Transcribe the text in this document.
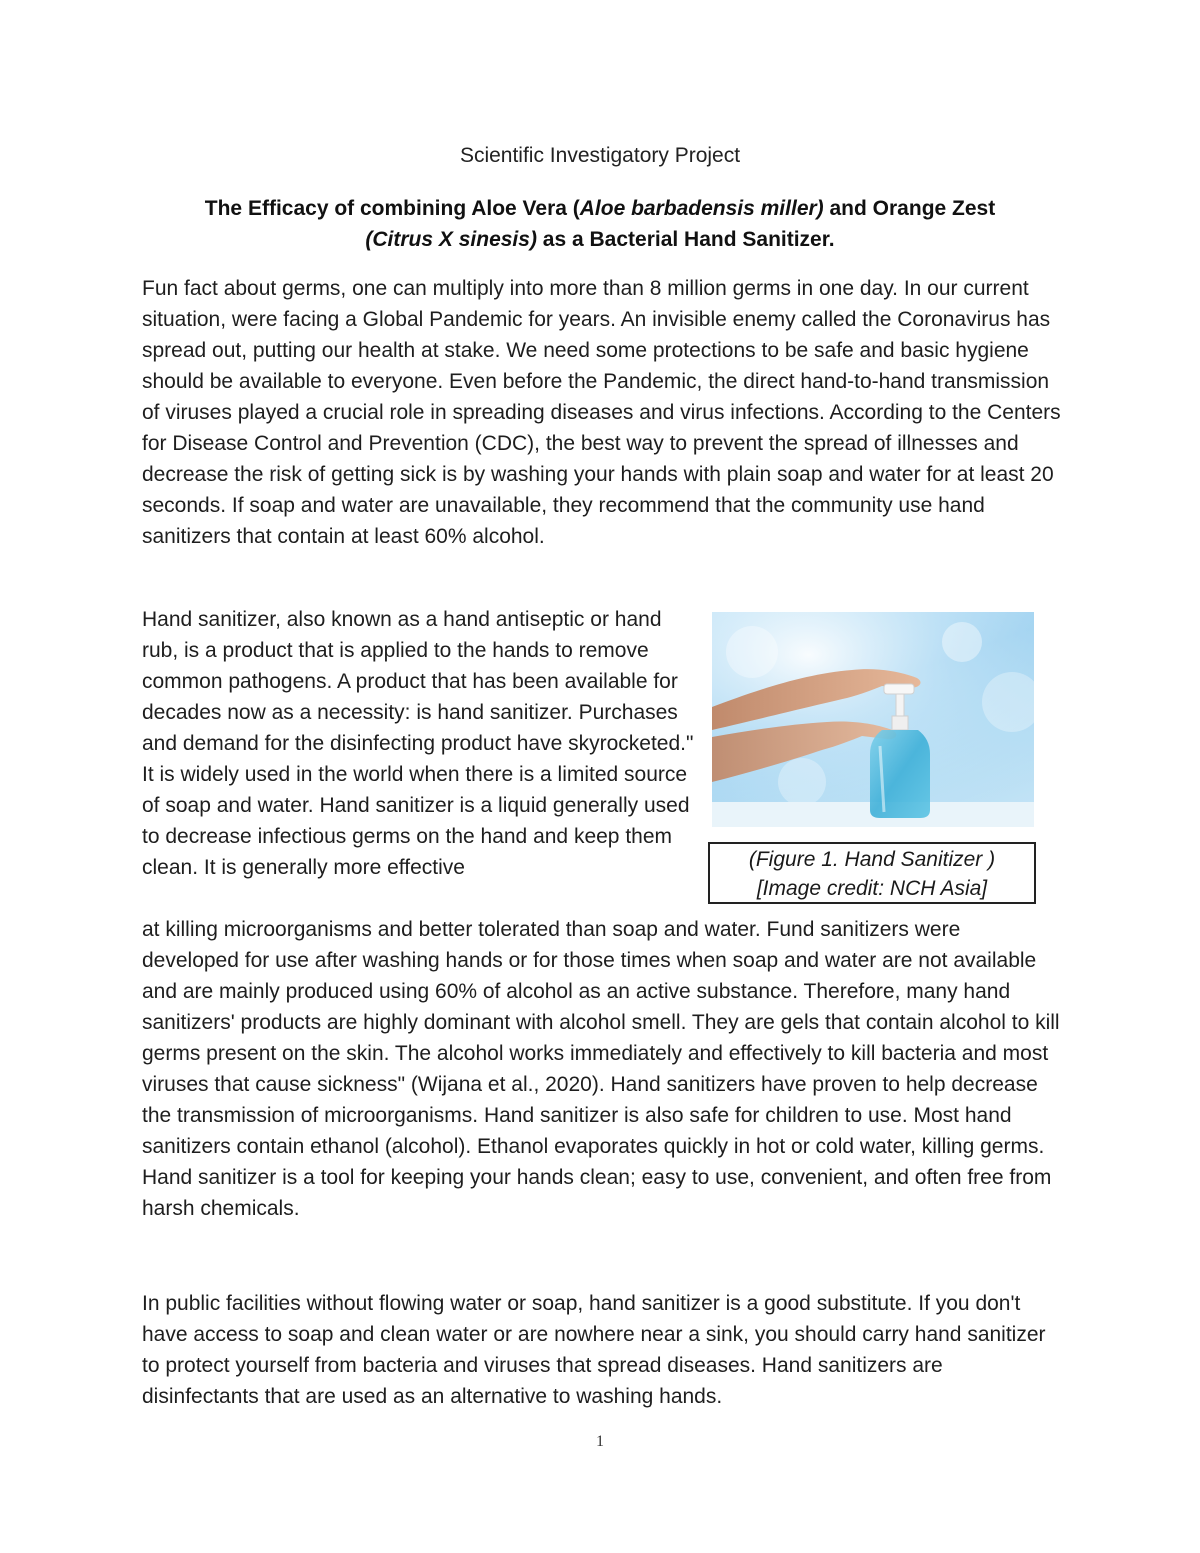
Scientific Investigatory Project
The Efficacy of combining Aloe Vera (Aloe barbadensis miller) and Orange Zest
(Citrus X sinesis) as a Bacterial Hand Sanitizer.

Fun fact about germs, one can multiply into more than 8 million germs in one day. In our current situation, were facing a Global Pandemic for years. An invisible enemy called the Coronavirus has spread out, putting our health at stake. We need some protections to be safe and basic hygiene should be available to everyone. Even before the Pandemic, the direct hand-to-hand transmission of viruses played a crucial role in spreading diseases and virus infections. According to the Centers for Disease Control and Prevention (CDC), the best way to prevent the spread of illnesses and decrease the risk of getting sick is by washing your hands with plain soap and water for at least 20 seconds. If soap and water are unavailable, they recommend that the community use hand sanitizers that contain at least 60% alcohol.

Hand sanitizer, also known as a hand antiseptic or hand rub, is a product that is applied to the hands to remove common pathogens. A product that has been available for decades now as a necessity: is hand sanitizer. Purchases and demand for the disinfecting product have skyrocketed." It is widely used in the world when there is a limited source of soap and water. Hand sanitizer is a liquid generally used to decrease infectious germs on the hand and keep them clean. It is generally more effective	(Figure 1. Hand Sanitizer )
[Image credit: NCH Asia]

at killing microorganisms and better tolerated than soap and water. Fund sanitizers were developed for use after washing hands or for those times when soap and water are not available and are mainly produced using 60% of alcohol as an active substance. Therefore, many hand sanitizers' products are highly dominant with alcohol smell. They are gels that contain alcohol to kill germs present on the skin. The alcohol works immediately and effectively to kill bacteria and most viruses that cause sickness" (Wijana et al., 2020). Hand sanitizers have proven to help decrease the transmission of microorganisms. Hand sanitizer is also safe for children to use. Most hand sanitizers contain ethanol (alcohol). Ethanol evaporates quickly in hot or cold water, killing germs. Hand sanitizer is a tool for keeping your hands clean; easy to use, convenient, and often free from harsh chemicals.

In public facilities without flowing water or soap, hand sanitizer is a good substitute. If you don't have access to soap and clean water or are nowhere near a sink, you should carry hand sanitizer to protect yourself from bacteria and viruses that spread diseases. Hand sanitizers are disinfectants that are used as an alternative to washing hands.

1
